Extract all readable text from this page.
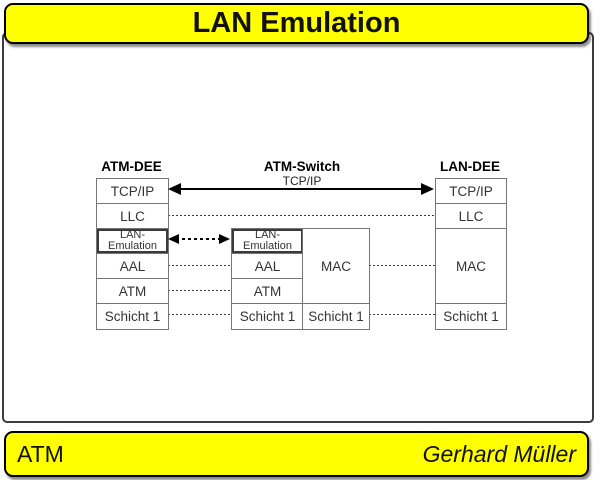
LAN Emulation
ATM-DEE	ATM-Switch	LAN-DEE
TCP/IP
TCP/IP
LLC
LAN-Emulation
AAL
ATM
Schicht 1
LAN-Emulation
AAL
ATM
Schicht 1
MAC
Schicht 1
TCP/IP
LLC
MAC
Schicht 1
ATM	Gerhard Müller
